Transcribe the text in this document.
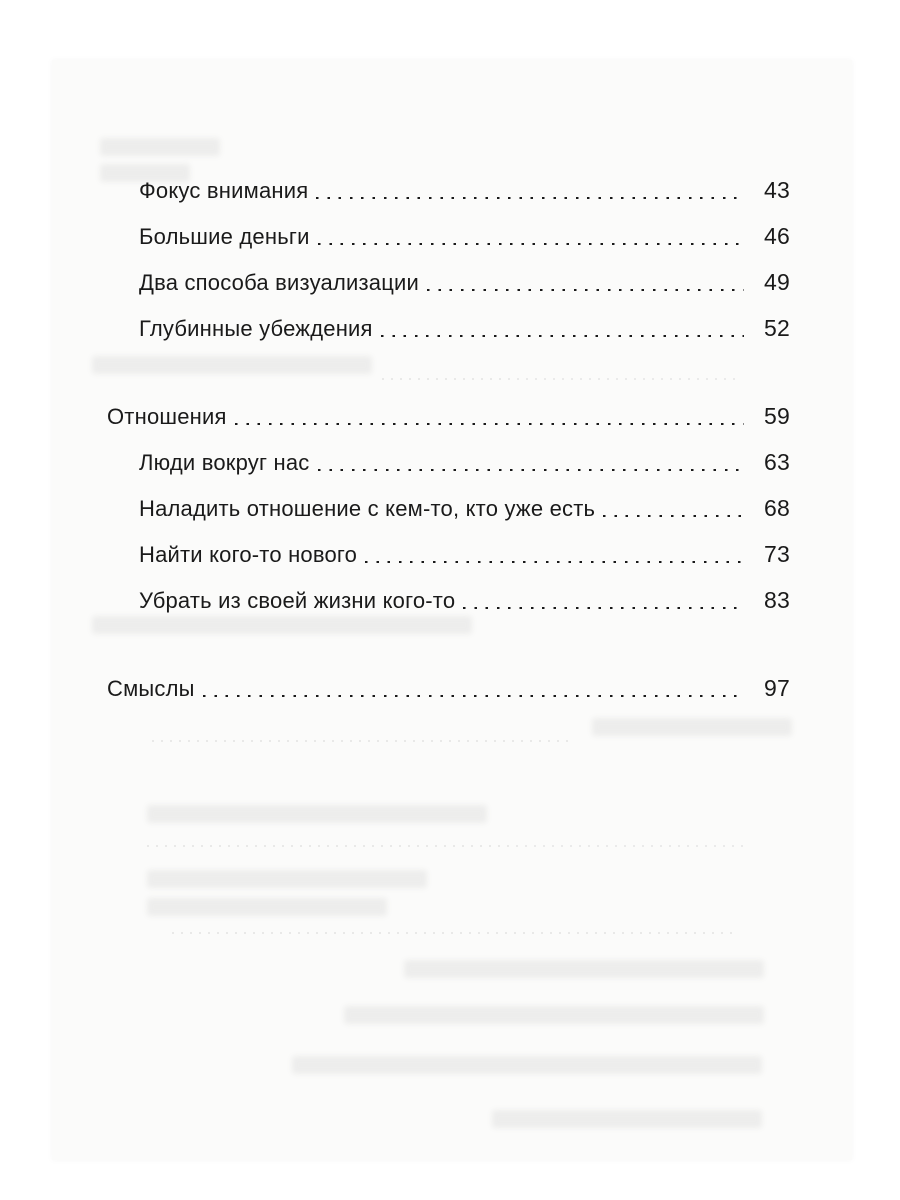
Фокус внимания	43
Большие деньги	46
Два способа визуализации	49
Глубинные убеждения	52
Отношения	59
Люди вокруг нас	63
Наладить отношение с кем-то, кто уже есть	68
Найти кого-то нового	73
Убрать из своей жизни кого-то	83
Смыслы	97
